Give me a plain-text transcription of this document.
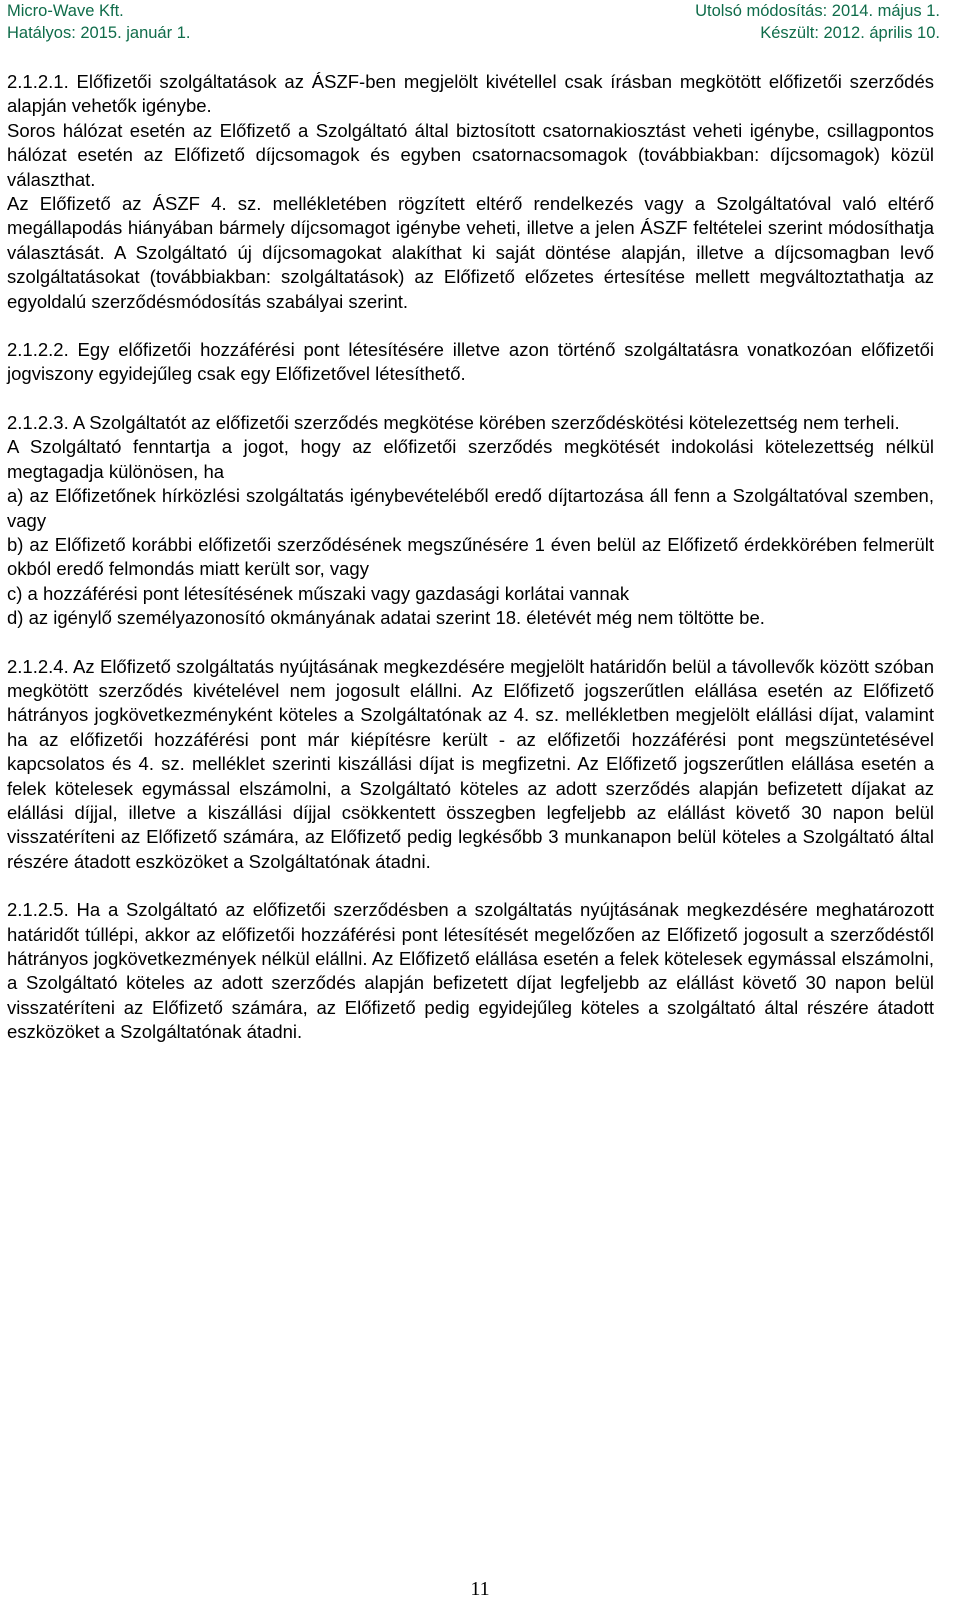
Micro-Wave Kft.	Utolsó módosítás: 2014. május 1.
Hatályos: 2015. január 1.	Készült: 2012. április 10.

2.1.2.1. Előfizetői szolgáltatások az ÁSZF-ben megjelölt kivétellel csak írásban megkötött előfizetői szerződés alapján vehetők igénybe.

Soros hálózat esetén az Előfizető a Szolgáltató által biztosított csatornakiosztást veheti igénybe, csillagpontos hálózat esetén az Előfizető díjcsomagok és egyben csatornacsomagok (továbbiakban: díjcsomagok) közül választhat.

Az Előfizető az ÁSZF 4. sz. mellékletében rögzített eltérő rendelkezés vagy a Szolgáltatóval való eltérő megállapodás hiányában bármely díjcsomagot igénybe veheti, illetve a jelen ÁSZF feltételei szerint módosíthatja választását. A Szolgáltató új díjcsomagokat alakíthat ki saját döntése alapján, illetve a díjcsomagban levő szolgáltatásokat (továbbiakban: szolgáltatások) az Előfizető előzetes értesítése mellett megváltoztathatja az egyoldalú szerződésmódosítás szabályai szerint.

2.1.2.2. Egy előfizetői hozzáférési pont létesítésére illetve azon történő szolgáltatásra vonatkozóan előfizetői jogviszony egyidejűleg csak egy Előfizetővel létesíthető.

2.1.2.3. A Szolgáltatót az előfizetői szerződés megkötése körében szerződéskötési kötelezettség nem terheli.

A Szolgáltató fenntartja a jogot, hogy az előfizetői szerződés megkötését indokolási kötelezettség nélkül megtagadja különösen, ha

a) az Előfizetőnek hírközlési szolgáltatás igénybevételéből eredő díjtartozása áll fenn a Szolgáltatóval szemben, vagy

b) az Előfizető korábbi előfizetői szerződésének megszűnésére 1 éven belül az Előfizető érdekkörében felmerült okból eredő felmondás miatt került sor, vagy

c) a hozzáférési pont létesítésének műszaki vagy gazdasági korlátai vannak

d) az igénylő személyazonosító okmányának adatai szerint 18. életévét még nem töltötte be.

2.1.2.4. Az Előfizető szolgáltatás nyújtásának megkezdésére megjelölt határidőn belül a távollevők között szóban megkötött szerződés kivételével nem jogosult elállni. Az Előfizető jogszerűtlen elállása esetén az Előfizető hátrányos jogkövetkezményként köteles a Szolgáltatónak az 4. sz. mellékletben megjelölt elállási díjat, valamint ha az előfizetői hozzáférési pont már kiépítésre került - az előfizetői hozzáférési pont megszüntetésével kapcsolatos és 4. sz. melléklet szerinti kiszállási díjat is megfizetni. Az Előfizető jogszerűtlen elállása esetén a felek kötelesek egymással elszámolni, a Szolgáltató köteles az adott szerződés alapján befizetett díjakat az elállási díjjal, illetve a kiszállási díjjal csökkentett összegben legfeljebb az elállást követő 30 napon belül visszatéríteni az Előfizető számára, az Előfizető pedig legkésőbb 3 munkanapon belül köteles a Szolgáltató által részére átadott eszközöket a Szolgáltatónak átadni.

2.1.2.5. Ha a Szolgáltató az előfizetői szerződésben a szolgáltatás nyújtásának megkezdésére meghatározott határidőt túllépi, akkor az előfizetői hozzáférési pont létesítését megelőzően az Előfizető jogosult a szerződéstől hátrányos jogkövetkezmények nélkül elállni. Az Előfizető elállása esetén a felek kötelesek egymással elszámolni, a Szolgáltató köteles az adott szerződés alapján befizetett díjat legfeljebb az elállást követő 30 napon belül visszatéríteni az Előfizető számára, az Előfizető pedig egyidejűleg köteles a szolgáltató által részére átadott eszközöket a Szolgáltatónak átadni.

11
